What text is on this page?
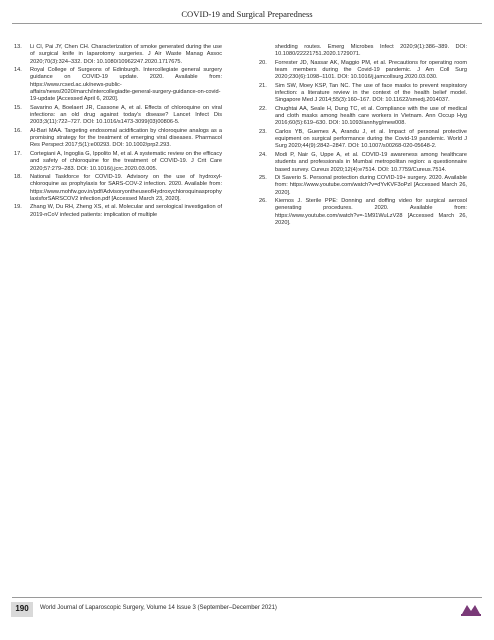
COVID-19 and Surgical Preparedness
13. Li CI, Pai JY, Chen CH. Characterization of smoke generated during the use of surgical knife in laparotomy surgeries. J Air Waste Manag Assoc 2020;70(3):324–332. DOI: 10.1080/10962247.2020.1717675.
14. Royal College of Surgeons of Edinburgh. Intercollegiate general surgery guidance on COVID-19 update. 2020. Available from: https://www.rcsed.ac.uk/news-public-affairs/news/2020/march/intercollegiadte-general-surgery-guidance-on-covid-19-update [Accessed April 6, 2020].
15. Savarino A, Boelaert JR, Cassone A, et al. Effects of chloroquine on viral infections: an old drug against today's disease? Lancet Infect Dis 2003;3(11):722–727. DOI: 10.1016/s1473-3099(03)00806-5.
16. Al-Bari MAA. Targeting endosomal acidification by chloroquine analogs as a promising strategy for the treatment of emerging viral diseases. Pharmacol Res Perspect 2017;5(1):e00293. DOI: 10.1002/prp2.293.
17. Cortegiani A, Ingoglia G, Ippolito M, et al. A systematic review on the efficacy and safety of chloroquine for the treatment of COVID-19. J Crit Care 2020;57:279–283. DOI: 10.1016/j.jcrc.2020.03.005.
18. National Taskforce for COVID-19. Advisory on the use of hydroxyl-chloroquine as prophylaxis for SARS-COV-2 infection. 2020. Available from: https://www.mohfw.gov.in/pdf/AdvisoryontheuseofHydroxychloroquinasprophylaxisforSARSCOV2 infection.pdf [Accessed March 23, 2020].
19. Zhang W, Du RH, Zheng XS, et al. Molecular and serological investigation of 2019-nCoV infected patients: implication of multiple
shedding routes. Emerg Microbes Infect 2020;9(1):386–389. DOI: 10.1080/22221751.2020.1729071.
20. Forrester JD, Nassar AK, Maggio PM, et al. Precautions for operating room team members during the Covid-19 pandemic. J Am Coll Surg 2020;230(6):1098–1101. DOI: 10.1016/j.jamcollsurg.2020.03.030.
21. Sim SW, Moey KSP, Tan NC. The use of face masks to prevent respiratory infection: a literature review in the context of the health belief model. Singapore Med J 2014;55(3):160–167. DOI: 10.11622/smedj.2014037.
22. Chughtai AA, Seale H, Dung TC, et al. Compliance with the use of medical and cloth masks among health care workers in Vietnam. Ann Occup Hyg 2016;60(5):619–630. DOI: 10.1093/annhyg/mew008.
23. Carlos YB, Guemes A, Arandu J, et al. Impact of personal protective equipment on surgical performance during the Covid-19 pandemic. World J Surg 2020;44(9):2842–2847. DOI: 10.1007/s00268-020-05648-2.
24. Modi P, Nair G, Uppe A, et al. COVID-19 awareness among healthcare students and professionals in Mumbai metropolitan region: a questionnaire based survey. Cureus 2020;12(4):e7514. DOI: 10.7759/Cureus.7514.
25. Di Saverio S. Personal protection during COVID-19+ surgery. 2020. Available from: https://www.youtube.com/watch?v=dYvKVF3oPzI [Accessed March 26, 2020].
26. Kiernos J. Sterile PPE: Donning and doffing video for surgical aerosol generating procedures. 2020. Available from: https://www.youtube.com/watch?v=-1M91WuLzV28 [Accessed March 26, 2020].
190	World Journal of Laparoscopic Surgery, Volume 14 Issue 3 (September–December 2021)
